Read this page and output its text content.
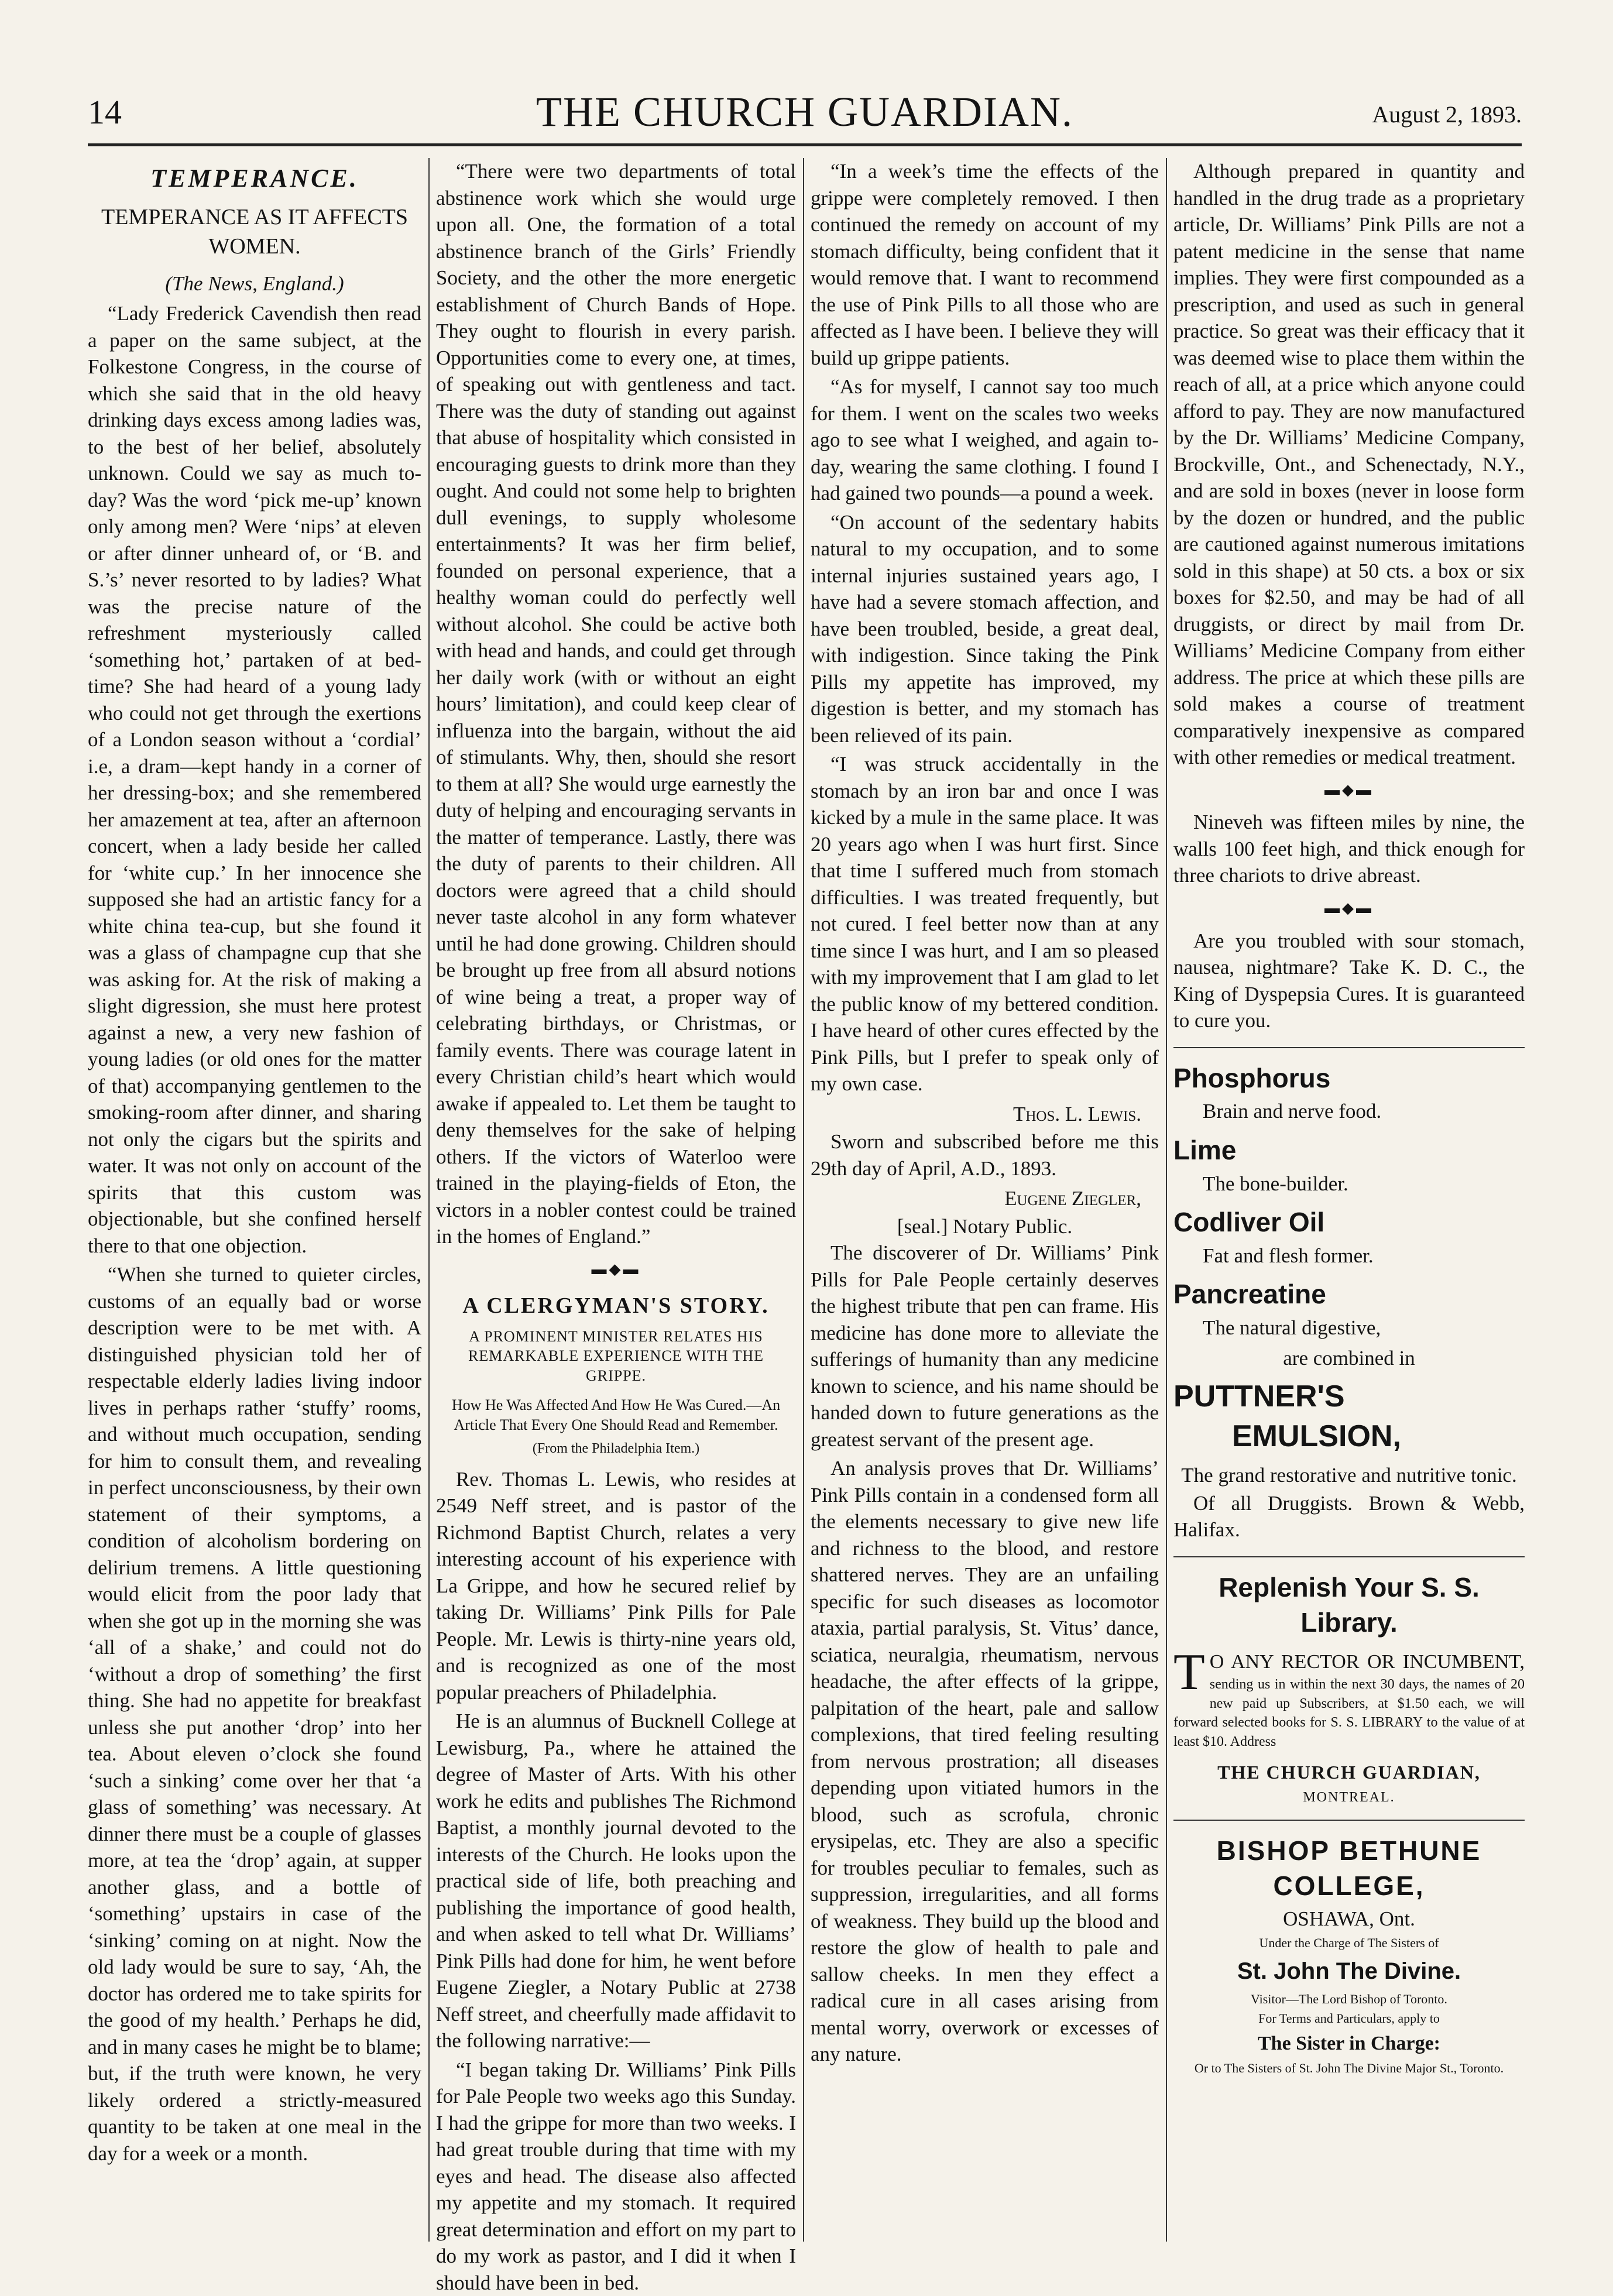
14	THE CHURCH GUARDIAN.	August 2, 1893.
TEMPERANCE.
TEMPERANCE AS IT AFFECTS WOMEN.
(The News, England.)

“Lady Frederick Cavendish then read a paper on the same subject, at the Folkestone Congress, in the course of which she said that in the old heavy drinking days excess among ladies was, to the best of her belief, absolutely unknown. Could we say as much to-day? Was the word ‘pick me-up’ known only among men? Were ‘nips’ at eleven or after dinner unheard of, or ‘B. and S.’s’ never resorted to by ladies? What was the precise nature of the refreshment mysteriously called ‘something hot,’ partaken of at bed-time? She had heard of a young lady who could not get through the exertions of a London season without a ‘cordial’ i.e, a dram—kept handy in a corner of her dressing-box; and she remembered her amazement at tea, after an afternoon concert, when a lady beside her called for ‘white cup.’ In her innocence she supposed she had an artistic fancy for a white china tea-cup, but she found it was a glass of champagne cup that she was asking for. At the risk of making a slight digression, she must here protest against a new, a very new fashion of young ladies (or old ones for the matter of that) accompanying gentlemen to the smoking-room after dinner, and sharing not only the cigars but the spirits and water. It was not only on account of the spirits that this custom was objectionable, but she confined herself there to that one objection.

“When she turned to quieter circles, customs of an equally bad or worse description were to be met with. A distinguished physician told her of respectable elderly ladies living indoor lives in perhaps rather ‘stuffy’ rooms, and without much occupation, sending for him to consult them, and revealing in perfect unconsciousness, by their own statement of their symptoms, a condition of alcoholism bordering on delirium tremens. A little questioning would elicit from the poor lady that when she got up in the morning she was ‘all of a shake,’ and could not do ‘without a drop of something’ the first thing. She had no appetite for breakfast unless she put another ‘drop’ into her tea. About eleven o’clock she found ‘such a sinking’ come over her that ‘a glass of something’ was necessary. At dinner there must be a couple of glasses more, at tea the ‘drop’ again, at supper another glass, and a bottle of ‘something’ upstairs in case of the ‘sinking’ coming on at night. Now the old lady would be sure to say, ‘Ah, the doctor has ordered me to take spirits for the good of my health.’ Perhaps he did, and in many cases he might be to blame; but, if the truth were known, he very likely ordered a strictly-measured quantity to be taken at one meal in the day for a week or a month.

“There were two departments of total abstinence work which she would urge upon all. One, the formation of a total abstinence branch of the Girls’ Friendly Society, and the other the more energetic establishment of Church Bands of Hope. They ought to flourish in every parish. Opportunities come to every one, at times, of speaking out with gentleness and tact. There was the duty of standing out against that abuse of hospitality which consisted in encouraging guests to drink more than they ought. And could not some help to brighten dull evenings, to supply wholesome entertainments? It was her firm belief, founded on personal experience, that a healthy woman could do perfectly well without alcohol. She could be active both with head and hands, and could get through her daily work (with or without an eight hours’ limitation), and could keep clear of influenza into the bargain, without the aid of stimulants. Why, then, should she resort to them at all? She would urge earnestly the duty of helping and encouraging servants in the matter of temperance. Lastly, there was the duty of parents to their children. All doctors were agreed that a child should never taste alcohol in any form whatever until he had done growing. Children should be brought up free from all absurd notions of wine being a treat, a proper way of celebrating birthdays, or Christmas, or family events. There was courage latent in every Christian child’s heart which would awake if appealed to. Let them be taught to deny themselves for the sake of helping others. If the victors of Waterloo were trained in the playing-fields of Eton, the victors in a nobler contest could be trained in the homes of England.”

▬◆▬
A CLERGYMAN'S STORY.
A PROMINENT MINISTER RELATES HIS REMARKABLE EXPERIENCE WITH THE GRIPPE.
How He Was Affected And How He Was Cured.—An Article That Every One Should Read and Remember.
(From the Philadelphia Item.)

Rev. Thomas L. Lewis, who resides at 2549 Neff street, and is pastor of the Richmond Baptist Church, relates a very interesting account of his experience with La Grippe, and how he secured relief by taking Dr. Williams’ Pink Pills for Pale People. Mr. Lewis is thirty-nine years old, and is recognized as one of the most popular preachers of Philadelphia.

He is an alumnus of Bucknell College at Lewisburg, Pa., where he attained the degree of Master of Arts. With his other work he edits and publishes The Richmond Baptist, a monthly journal devoted to the interests of the Church. He looks upon the practical side of life, both preaching and publishing the importance of good health, and when asked to tell what Dr. Williams’ Pink Pills had done for him, he went before Eugene Ziegler, a Notary Public at 2738 Neff street, and cheerfully made affidavit to the following narrative:—

“I began taking Dr. Williams’ Pink Pills for Pale People two weeks ago this Sunday. I had the grippe for more than two weeks. I had great trouble during that time with my eyes and head. The disease also affected my appetite and my stomach. It required great determination and effort on my part to do my work as pastor, and I did it when I should have been in bed.

“In a week’s time the effects of the grippe were completely removed. I then continued the remedy on account of my stomach difficulty, being confident that it would remove that. I want to recommend the use of Pink Pills to all those who are affected as I have been. I believe they will build up grippe patients.

“As for myself, I cannot say too much for them. I went on the scales two weeks ago to see what I weighed, and again to-day, wearing the same clothing. I found I had gained two pounds—a pound a week.

“On account of the sedentary habits natural to my occupation, and to some internal injuries sustained years ago, I have had a severe stomach affection, and have been troubled, beside, a great deal, with indigestion. Since taking the Pink Pills my appetite has improved, my digestion is better, and my stomach has been relieved of its pain.

“I was struck accidentally in the stomach by an iron bar and once I was kicked by a mule in the same place. It was 20 years ago when I was hurt first. Since that time I suffered much from stomach difficulties. I was treated frequently, but not cured. I feel better now than at any time since I was hurt, and I am so pleased with my improvement that I am glad to let the public know of my bettered condition. I have heard of other cures effected by the Pink Pills, but I prefer to speak only of my own case.

Thos. L. Lewis.

Sworn and subscribed before me this 29th day of April, A.D., 1893.

Eugene Ziegler,
[seal.] Notary Public.

The discoverer of Dr. Williams’ Pink Pills for Pale People certainly deserves the highest tribute that pen can frame. His medicine has done more to alleviate the sufferings of humanity than any medicine known to science, and his name should be handed down to future generations as the greatest servant of the present age.

An analysis proves that Dr. Williams’ Pink Pills contain in a condensed form all the elements necessary to give new life and richness to the blood, and restore shattered nerves. They are an unfailing specific for such diseases as locomotor ataxia, partial paralysis, St. Vitus’ dance, sciatica, neuralgia, rheumatism, nervous headache, the after effects of la grippe, palpitation of the heart, pale and sallow complexions, that tired feeling resulting from nervous prostration; all diseases depending upon vitiated humors in the blood, such as scrofula, chronic erysipelas, etc. They are also a specific for troubles peculiar to females, such as suppression, irregularities, and all forms of weakness. They build up the blood and restore the glow of health to pale and sallow cheeks. In men they effect a radical cure in all cases arising from mental worry, overwork or excesses of any nature.

Although prepared in quantity and handled in the drug trade as a proprietary article, Dr. Williams’ Pink Pills are not a patent medicine in the sense that name implies. They were first compounded as a prescription, and used as such in general practice. So great was their efficacy that it was deemed wise to place them within the reach of all, at a price which anyone could afford to pay. They are now manufactured by the Dr. Williams’ Medicine Company, Brockville, Ont., and Schenectady, N.Y., and are sold in boxes (never in loose form by the dozen or hundred, and the public are cautioned against numerous imitations sold in this shape) at 50 cts. a box or six boxes for $2.50, and may be had of all druggists, or direct by mail from Dr. Williams’ Medicine Company from either address. The price at which these pills are sold makes a course of treatment comparatively inexpensive as compared with other remedies or medical treatment.

▬◆▬

Nineveh was fifteen miles by nine, the walls 100 feet high, and thick enough for three chariots to drive abreast.

▬◆▬

Are you troubled with sour stomach, nausea, nightmare? Take K. D. C., the King of Dyspepsia Cures. It is guaranteed to cure you.

Phosphorus
Brain and nerve food.
Lime
The bone-builder.
Codliver Oil
Fat and flesh former.
Pancreatine
The natural digestive,
are combined in
PUTTNER'S
EMULSION,
The grand restorative and nutritive tonic.

Of all Druggists. Brown & Webb, Halifax.

Replenish Your S. S. Library.
T O ANY RECTOR OR INCUMBENT, sending us in within the next 30 days, the names of 20 new paid up Subscribers, at $1.50 each, we will forward selected books for S. S. LIBRARY to the value of at least $10. Address
THE CHURCH GUARDIAN,
MONTREAL.
BISHOP BETHUNE COLLEGE,
OSHAWA, Ont.
Under the Charge of The Sisters of
St. John The Divine.
Visitor—The Lord Bishop of Toronto.
For Terms and Particulars, apply to
The Sister in Charge:
Or to The Sisters of St. John The Divine Major St., Toronto.
